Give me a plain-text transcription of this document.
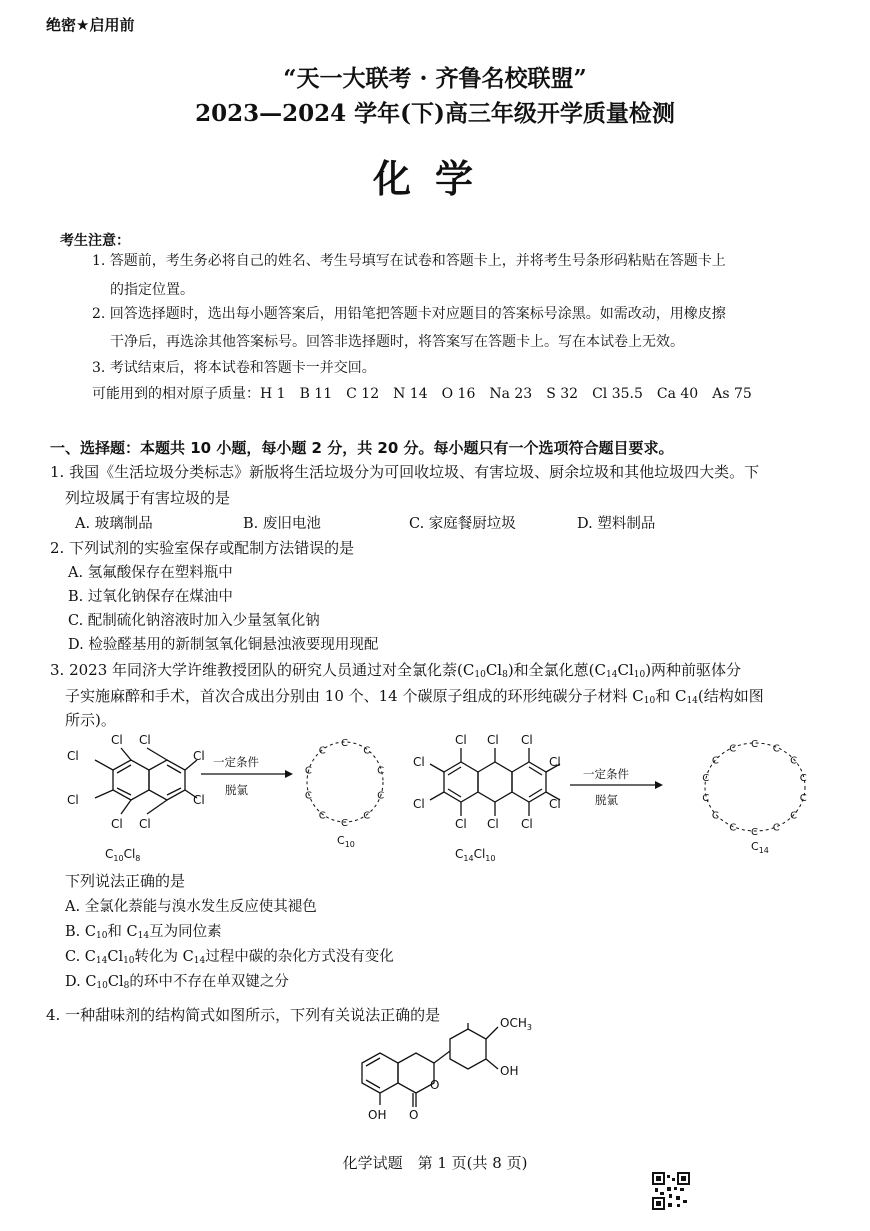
绝密★启用前
“天一大联考 · 齐鲁名校联盟”
2023—2024 学年(下)高三年级开学质量检测
化学
考生注意：
1. 答题前，考生务必将自己的姓名、考生号填写在试卷和答题卡上，并将考生号条形码粘贴在答题卡上
的指定位置。
2. 回答选择题时，选出每小题答案后，用铅笔把答题卡对应题目的答案标号涂黑。如需改动，用橡皮擦
干净后，再选涂其他答案标号。回答非选择题时，将答案写在答题卡上。写在本试卷上无效。
3. 考试结束后，将本试卷和答题卡一并交回。
可能用到的相对原子质量：H 1　B 11　C 12　N 14　O 16　Na 23　S 32　Cl 35.5　Ca 40　As 75
一、选择题：本题共 10 小题，每小题 2 分，共 20 分。每小题只有一个选项符合题目要求。
1. 我国《生活垃圾分类标志》新版将生活垃圾分为可回收垃圾、有害垃圾、厨余垃圾和其他垃圾四大类。下
列垃圾属于有害垃圾的是
A. 玻璃制品	B. 废旧电池	C. 家庭餐厨垃圾	D. 塑料制品
2. 下列试剂的实验室保存或配制方法错误的是
A. 氢氟酸保存在塑料瓶中
B. 过氧化钠保存在煤油中
C. 配制硫化钠溶液时加入少量氢氧化钠
D. 检验醛基用的新制氢氧化铜悬浊液要现用现配
3. 2023 年同济大学许维教授团队的研究人员通过对全氯化萘$(C_{10}Cl_8)$和全氯化蒽$(C_{14}Cl_{10})$两种前驱体分
子实施麻醉和手术，首次合成出分别由 10 个、14 个碳原子组成的环形纯碳分子材料 $C_{10}$和 $C_{14}$(结构如图
所示)。
Cl Cl
Cl	Cl
Cl	Cl
Cl Cl
$C_{10}Cl_8$
一定条件
脱氯
C
C
C
C
C
C
C
C
C
C
$C_{10}$
Cl Cl Cl
Cl	Cl
Cl	Cl
Cl Cl Cl
$C_{14}Cl_{10}$
一定条件
脱氯
C C
C
C
C
C
C
C
C
C
C
C
C
C
$C_{14}$
下列说法正确的是
A. 全氯化萘能与溴水发生反应使其褪色
B. $C_{10}$和 $C_{14}$互为同位素
C. $C_{14}Cl_{10}$转化为 $C_{14}$过程中碳的杂化方式没有变化
D. $C_{10}Cl_8$的环中不存在单双键之分
4. 一种甜味剂的结构简式如图所示，下列有关说法正确的是	$OCH_3$
OH
O
OH O
化学试题　第 1 页(共 8 页)
